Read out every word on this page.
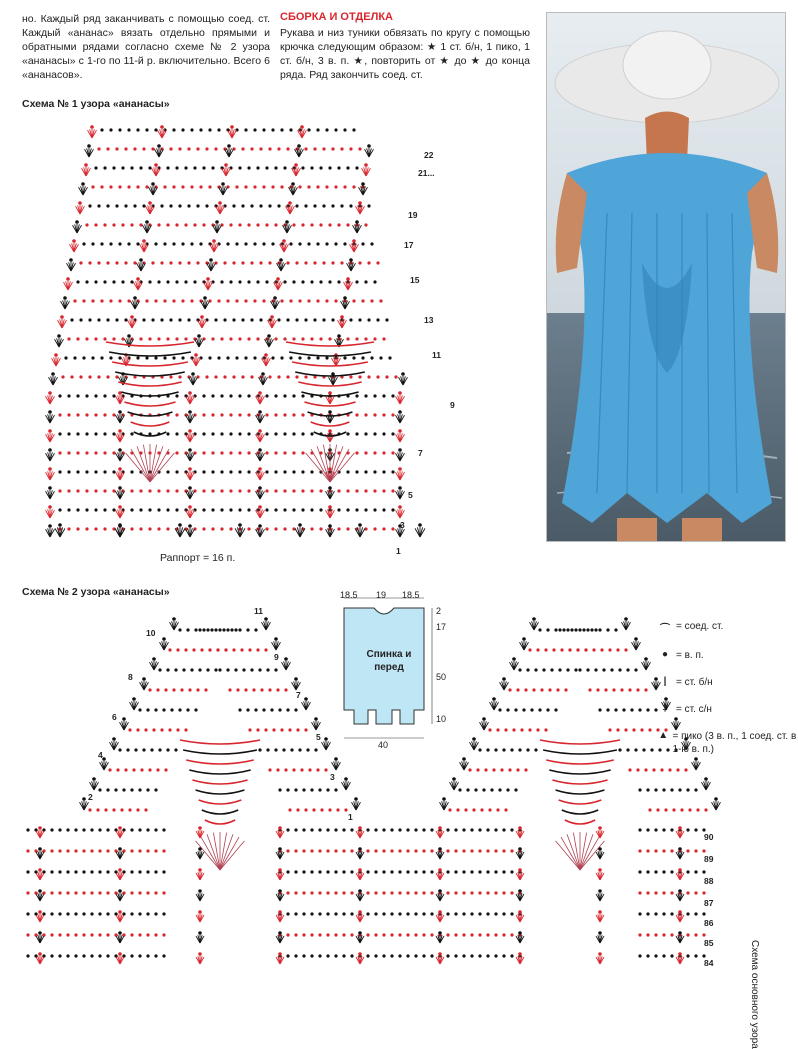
но. Каждый ряд заканчивать с помощью соед. ст. Каждый «ананас» вязать отдельно прямыми и обратными рядами согласно схеме № 2 узора «ананасы» с 1-го по 11-й р. включительно. Всего 6 «ананасов».
СБОРКА И ОТДЕЛКА

Рукава и низ туники обвязать по кругу с помощью крючка следующим образом: ★ 1 ст. б/н, 1 пико, 1 ст. б/н, 3 в. п. ★, повторить от ★ до ★ до конца ряда. Ряд закончить соед. ст.

Схема № 1 узора «ананасы»
Раппорт = 16 п.
22
21...
19
17
15
13
11
9
7
5
3
1
Схема № 2 узора «ананасы»
11
10
9
8
7
6
5
4
3
2
1
90
89
88
87
86
85
84
18.5 19 18.5
2
17
50
10
40
Спинка и перед
⌒ = соед. ст.
● = в. п.
| = ст. б/н
‡ = ст. с/н
▲ = пико (3 в. п., 1 соед. ст. в 1-ю в. п.)
Схема основного узора
